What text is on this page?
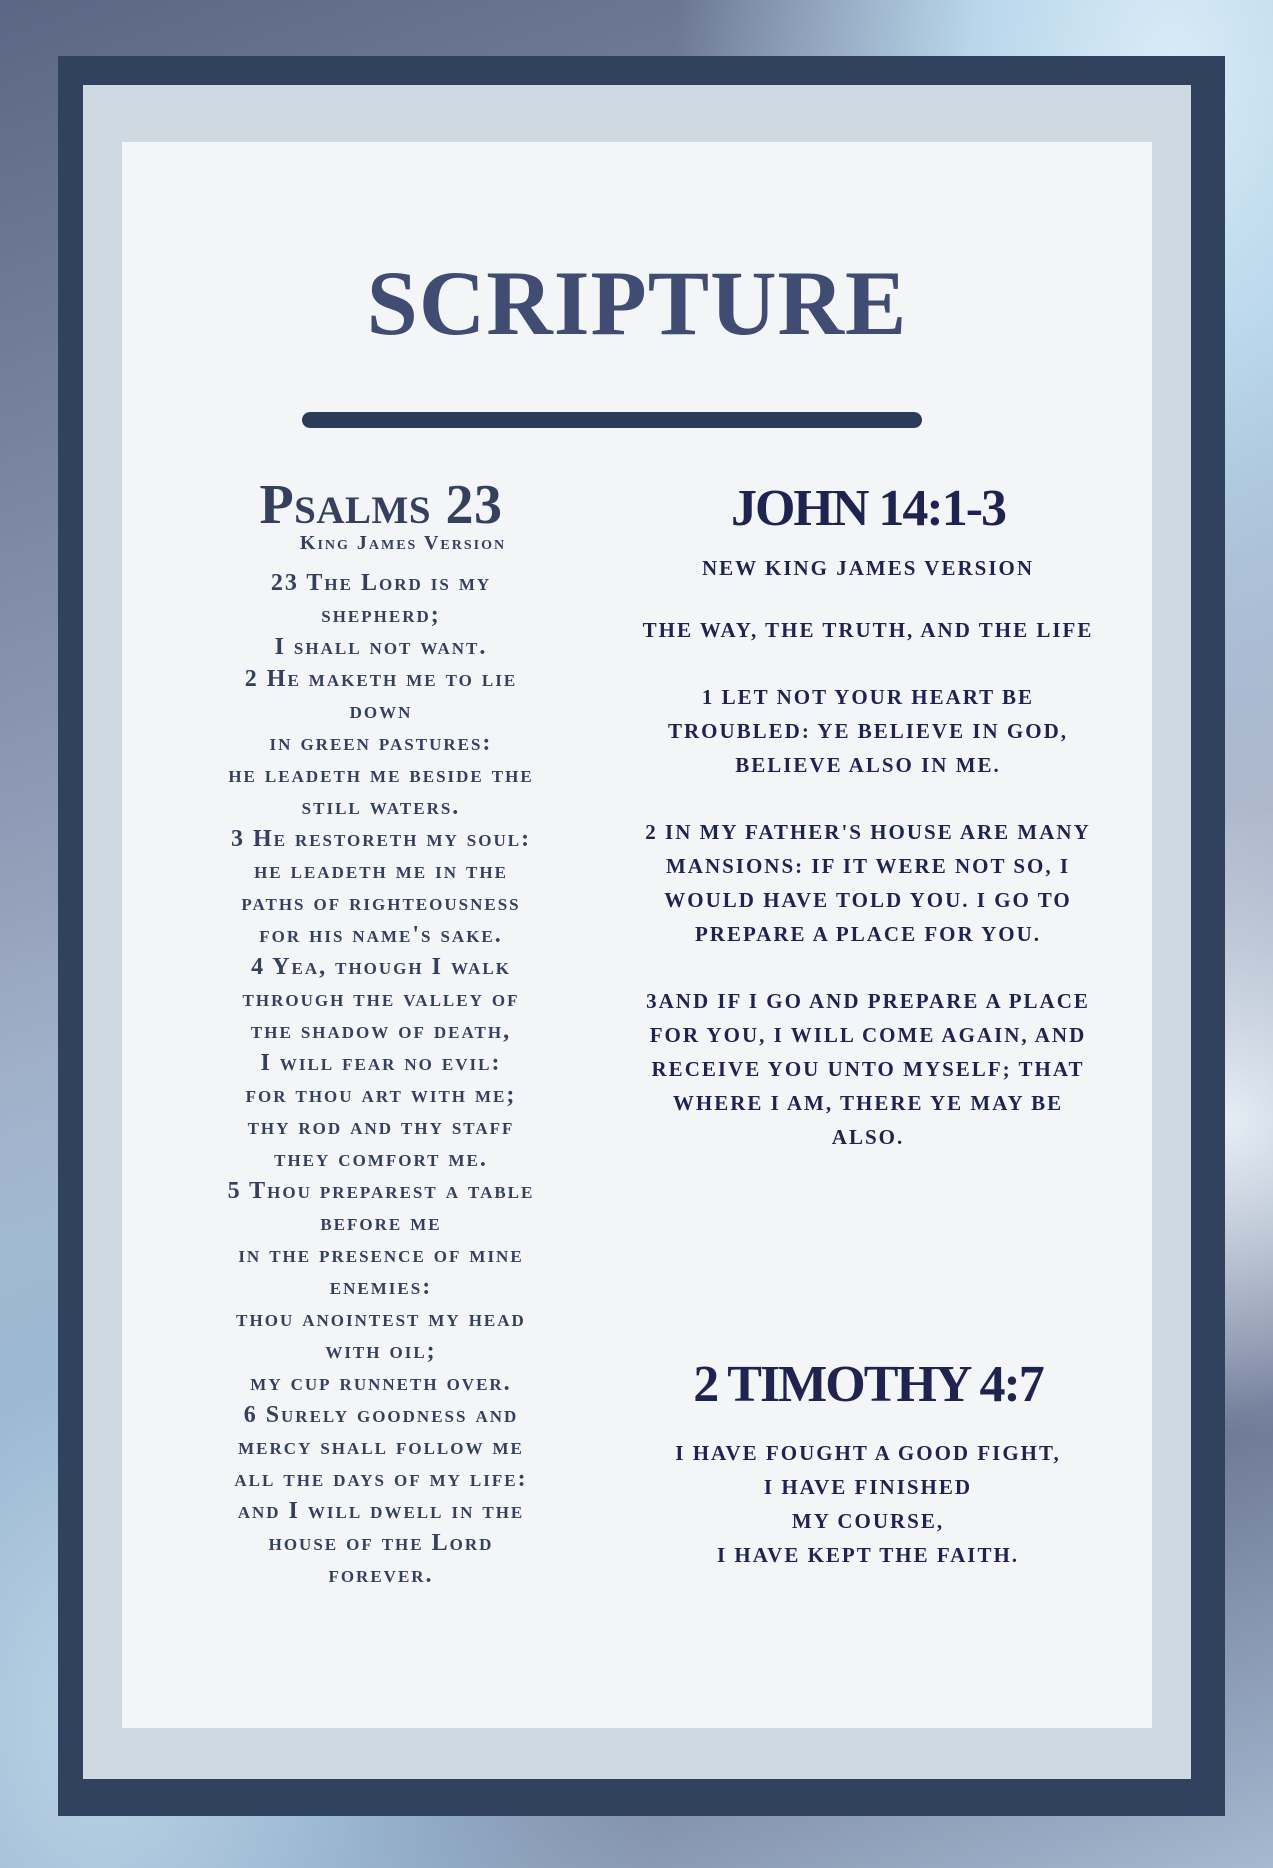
SCRIPTURE
Psalms 23
King James Version
23 The Lord is my
shepherd;
I shall not want.
2 He maketh me to lie
down
in green pastures:
he leadeth me beside the
still waters.
3 He restoreth my soul:
he leadeth me in the
paths of righteousness
for his name's sake.
4 Yea, though I walk
through the valley of
the shadow of death,
I will fear no evil:
for thou art with me;
thy rod and thy staff
they comfort me.
5 Thou preparest a table
before me
in the presence of mine
enemies:
thou anointest my head
with oil;
my cup runneth over.
6 Surely goodness and
mercy shall follow me
all the days of my life:
and I will dwell in the
house of the Lord
forever.
JOHN 14:1-3
NEW KING JAMES VERSION
THE WAY, THE TRUTH, AND THE LIFE
1 LET NOT YOUR HEART BE
TROUBLED: YE BELIEVE IN GOD,
BELIEVE ALSO IN ME.
2 IN MY FATHER'S HOUSE ARE MANY
MANSIONS: IF IT WERE NOT SO, I
WOULD HAVE TOLD YOU. I GO TO
PREPARE A PLACE FOR YOU.
3AND IF I GO AND PREPARE A PLACE
FOR YOU, I WILL COME AGAIN, AND
RECEIVE YOU UNTO MYSELF; THAT
WHERE I AM, THERE YE MAY BE
ALSO.
2 TIMOTHY 4:7
I HAVE FOUGHT A GOOD FIGHT,
I HAVE FINISHED
MY COURSE,
I HAVE KEPT THE FAITH.
